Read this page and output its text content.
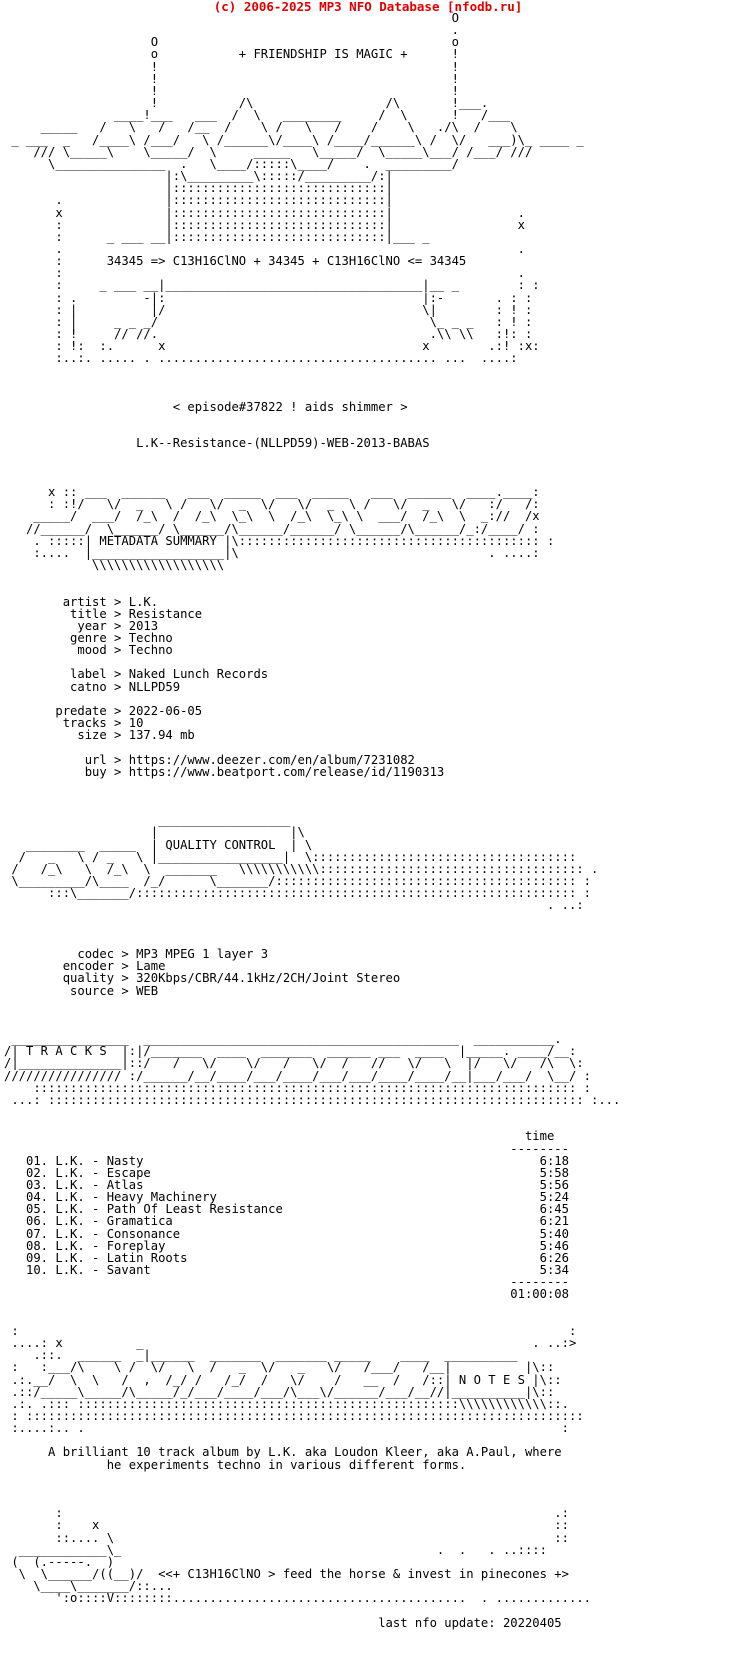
(c) 2006-2025 MP3 NFO Database [nfodb.ru]
O
.
O                                        o
o           + FRIENDSHIP IS MAGIC +      !
!                                        !
!                                        !
!                                        !
!           /\                  /\       !___.
____!___   ___  /  \   ________     /  \      !   /___
_____   /   \   /   /__  /    \ /   \   /    /    \   ./\  /    \
_ ___  _   /____\ /___/   \ /______\/____\ /____/______\ /  \/   ___)\_ ____ _
/// \_____\    \_____/  \     _____   \_____/  \_____\___/ /___/ ///
\_______________  .   \____/:::::\____/    .  _________/
|:\_________\:::::/_________/:|
|:::::::::::::::::::::::::::::|
.              |:::::::::::::::::::::::::::::|
x              |:::::::::::::::::::::::::::::|                 .
:              |:::::::::::::::::::::::::::::|                 x
:      _ ___ __|:::::::::::::::::::::::::::::|___ _
.                                                              .
:      34345 => C13H16ClNO + 34345 + C13H16ClNO <= 34345
:                                                              .
:     _ ___ __|___________________________________|__ _        : :
: .         -|:                                   |:-       . : :
: |          |/                                   \|        : ! :
: |     _ _ _/                                     \_ _ _   : ! :
: !     // //.                                     .\\ \\   :!: :
: !:  :.      x                                   x        .:! :x:
:..:. ..... . ...................................... ...  ....:

< episode#37822 ! aids shimmer >

L.K--Resistance-(NLLPD59)-WEB-2013-BABAS

x :: ___  ______   ___  _____  ___  _____   ___  ______  ____.____:
: :!/   \/  _   \ /   \/  _  \/   \/  _  \ /   \/  _   \/   :/   /:
_____/  ___/  /_\  /  /_\  \_\  \  /_\  \_\ \  ___/  /_\  \  _://  /x
//______/  \______/ \______/\______/______/ \______/\______/_:/____/ :
. :::::| METADATA SUMMARY |\::::::::::::::::::::::::::::::::::::::::: :
:....  |__________________|\                                  . ....:
\\\\\\\\\\\\\\\\\\

artist > L.K.
title > Resistance
year > 2013
genre > Techno
mood > Techno

label > Naked Lunch Records
catno > NLLPD59

predate > 2022-06-05
tracks > 10
size > 137.94 mb

url > https://www.deezer.com/en/album/7231082
buy > https://www.beatport.com/release/id/1190313

__________________
|                  |\
________  _____  | QUALITY CONTROL  | \
/   _   \ / _   \ |_________________|  \::::::::::::::::::::::::::::::::::::
/   /_\   \  /_\  \  _______   \\\\\\\\\\\:::::::::::::::::::::::::::::::::::: .
\_________/\____  /_/      \_______/::::::::::::::::::::::::::::::::::::::::: :
:::\_______/:::::::::::::::::::::::::::::::::::::::::::::::::::::::::::: :
. ..:

codec > MP3 MPEG 1 layer 3
encoder > Lame
quality > 320Kbps/CBR/44.1kHz/2CH/Joint Stereo
source > WEB

________________  ___________________________________________  ___________.
/| T R A C K S  |:|/_______  ____  _______  ______ ___  ____  |_____. ____/__:
/|______________|::/   /   \/    \/   /   \/  /   //   \/   \  |/   \/   /\  \:
//////////////// :/______/__/____/___/____/___/___/____/____/__|___/___/  \__/ :
:::::::::::::::::::::::::::::::::::::::::::::::::::::::::::::::::::::::::: :
...: ::::::::::::::::::::::::::::::::::::::::::::::::::::::::::::::::::::::::: :...

time
--------
01. L.K. - Nasty                                                      6:18
02. L.K. - Escape                                                     5:58
03. L.K. - Atlas                                                      5:56
04. L.K. - Heavy Machinery                                            5:24
05. L.K. - Path Of Least Resistance                                   6:45
06. L.K. - Gramatica                                                  6:21
07. L.K. - Consonance                                                 5:40
08. L.K. - Foreplay                                                   5:46
09. L.K. - Latin Roots                                                6:26
10. L.K. - Savant                                                     5:34
--------
01:00:08

:                                                                           :
....: x          _                                                     . ..:>
.::.  ______  _|______  _______  _______ _____    ____  __________
:   :___/\    \ /  \/   \  /   _  \/   _   \/   /___/   /__|          |\::
.:.__/  \  \   /  ,  /_/ /   /_/  /   \/    /   __  /   /::| N O T E S |\::
.::/_____\_____/\_____/_/___/____/___/\___\/______/___/__//|__________|\::
.:. .::: ::::::::::::::::::::::::::::::::::::::::::::::::::::\\\\\\\\\\\\::.
: ::::::::::::::::::::::::::::::::::::::::::::::::::::::::::::::::::::::::::::
:....:.. .                                                                 :

A brilliant 10 track album by L.K. aka Loudon Kleer, aka A.Paul, where
he experiments techno in various different forms.

:                                                                   .:
:    x                                                              ::
::.... \                                                            ::
____________\_                                           .  .   . ..::::
(  (.-----.  )
\  \______/((__)/  <<+ C13H16ClNO > feed the horse & invest in pinecones +>
\____\_______/::...
':o::::V::::::::........................................  . .............

last nfo update: 20220405
